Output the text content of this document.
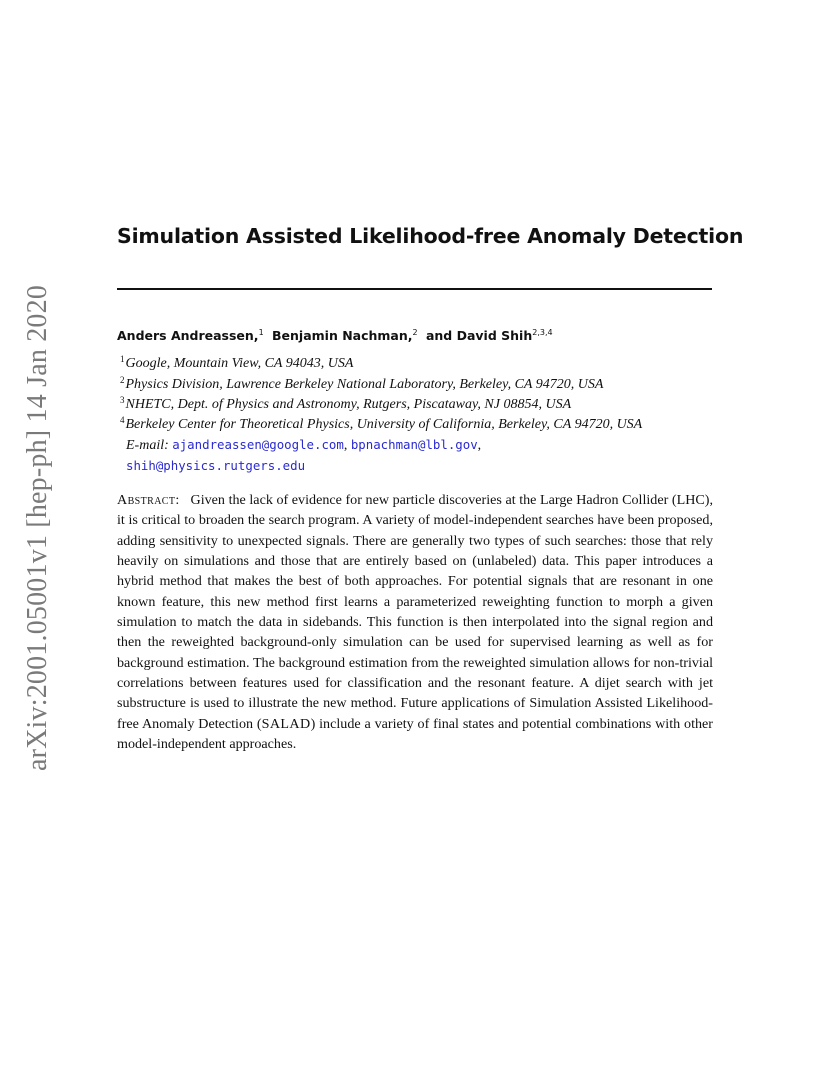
arXiv:2001.05001v1 [hep-ph] 14 Jan 2020
Simulation Assisted Likelihood-free Anomaly Detection
Anders Andreassen,$^1$ Benjamin Nachman,$^2$ and David Shih$^{2,3,4}$
$^1$Google, Mountain View, CA 94043, USA
$^2$Physics Division, Lawrence Berkeley National Laboratory, Berkeley, CA 94720, USA
$^3$NHETC, Dept. of Physics and Astronomy, Rutgers, Piscataway, NJ 08854, USA
$^4$Berkeley Center for Theoretical Physics, University of California, Berkeley, CA 94720, USA
E-mail: ajandreassen@google.com, bpnachman@lbl.gov,
shih@physics.rutgers.edu

Abstract: Given the lack of evidence for new particle discoveries at the Large Hadron Collider (LHC), it is critical to broaden the search program. A variety of model-independent searches have been proposed, adding sensitivity to unexpected signals. There are generally two types of such searches: those that rely heavily on simulations and those that are entirely based on (unlabeled) data. This paper introduces a hybrid method that makes the best of both approaches. For potential signals that are resonant in one known feature, this new method first learns a parameterized reweighting function to morph a given simulation to match the data in sidebands. This function is then interpolated into the signal region and then the reweighted background-only simulation can be used for supervised learning as well as for background estimation. The background estimation from the reweighted simulation allows for non-trivial correlations between features used for classification and the resonant feature. A dijet search with jet substructure is used to illustrate the new method. Future applications of Simulation Assisted Likelihood-free Anomaly Detection (SALAD) include a variety of final states and potential combinations with other model-independent approaches.
